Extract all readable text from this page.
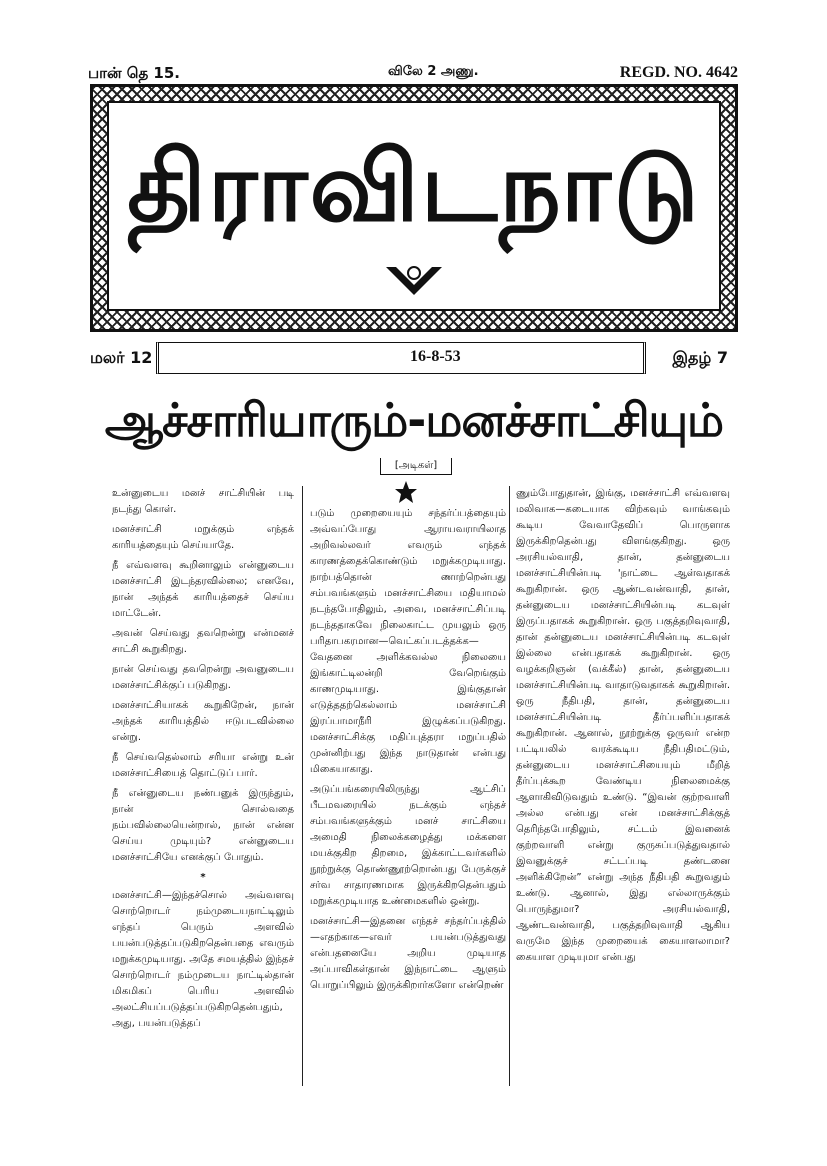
பான் தெ 15.	விலே 2 அணு.	REGD. NO. 4642
திராவிடநாடு
மலர் 12	16-8-53	இதழ் 7
ஆச்சாரியாரும்-மனச்சாட்சியும்
[அடிகள்]

உன்னுடைய மனச் சாட்சியின் படி நடந்து கொள்.

மனச்சாட்சி மறுக்கும் எந்தக் காரியத்தையும் செய்யாதே.

நீ எவ்வளவு கூறினாலும் என்னுடைய மனச்சாட்சி இடந்தரவில்லை; எனவே, நான் அந்தக் காரியத்தைச் செய்ய மாட்டேன்.

அவன் செய்வது தவறென்று என்மனச் சாட்சி கூறுகிறது.

நான் செய்வது தவறென்று அவனுடைய மனச்சாட்சிக்குப் படுகிறது.

மனச்சாட்சியாகக் கூறுகிறேன், நான் அந்தக் காரியத்தில் ஈடுபடவில்லை என்று.

நீ செய்வதெல்லாம் சரியா என்று உன் மனச்சாட்சியைத் தொட்டுப் பார்.

நீ என்னுடைய நண்பனுக் இருந்தும், நான் சொல்வதை நம்பவில்லையென்றால், நான் என்ன செய்ய முடியும்? என்னுடைய மனச்சாட்சியே எனக்குப் போதும்.

*

மனச்சாட்சி—இந்தச்சொல் அவ்வளவு சொற்றொடர் நம்முடையநாட்டிலும் எந்தப் பெரும் அளவில் பயன்படுத்தப்படுகிறதென்பதை எவரும் மறுக்கமுடியாது. அதே சமயத்தில் இந்தச் சொற்றொடர் நம்முடைய நாட்டில்தான் மிகமிகப் பெரிய அளவில் அலட்சியப்படுத்தப்படுகிறதென்பதும், அது, பயன்படுத்தப்

படும் முறையையும் சந்தர்ப்பத்தையும் அவ்வப்போது ஆராயவராயிலாத அறிவல்லவர் எவரும் எந்தக் காரணத்தைக்கொண்டும் மறுக்கமுடியாது. நாற்பத்தொன் ணாற்றென்பது சம்பவங்களும் மனச்சாட்சியை மதியாமல் நடந்தபோதிலும், அவை, மனச்சாட்சிப்படி நடந்ததாகவே நிலைகாட்ட முயலும் ஒரு பரிதாபகரமான—வெட்கப்படத்தக்க—வேதனை அளிக்கவல்ல நிலையை இங்காட்டிலன்றி வேறெங்கும் காணமுடியாது. இங்குதான் எடுத்ததற்கெல்லாம் மனச்சாட்சி இரப்பாமாநீரி இழுக்கப்படுகிறது. மனச்சாட்சிக்கு மதிப்புத்தரா மறுப்பதில் முன்னிற்பது இந்த நாடுதான் என்பது மிகையாகாது.

அடுப்பங்கரையிலிருந்து ஆட்சிப் பீடமவரையில் நடக்கும் எந்தச் சம்பவங்களுக்கும் மனச் சாட்சியை அமைதி நிலைக்கழைத்து மக்களை மயக்குகிற திறமை, இக்காட்டவர்களில் நூற்றுக்கு தொண்ணூற்றொன்பது பேருக்குச் சர்வ சாதாரணமாக இருக்கிறதென்பதும் மறுக்கமுடியாத உண்மைகளில் ஒன்று.

மனச்சாட்சி—இதனை எந்தச் சந்தர்ப்பத்தில்—எதற்காக—எவர் பயன்படுத்துவது என்பதனையே அறிய முடியாத அப்பாவிகள்தான் இந்நாட்டை ஆளும் பொறுப்பிலும் இருக்கிறார்களோ என்றெண்

ணும்போதுதான், இங்கு, மனச்சாட்சி எவ்வளவு மலிவாக—கடையாக விற்கவும் வாங்கவும் கூடிய வேவாதேவிப் பொருளாக இருக்கிறதென்பது விளங்குகிறது. ஒரு அரசியல்வாதி, தான், தன்னுடைய மனச்சாட்சியின்படி 'நாட்டை ஆள்வதாகக் கூறுகிறான். ஒரு ஆண்டவன்வாதி, தான், தன்னுடைய மனச்சாட்சியின்படி கடவுள் இருப்பதாகக் கூறுகிறான். ஒரு பகுத்தறிவுவாதி, தான் தன்னுடைய மனச்சாட்சியின்படி கடவுள் இல்லை என்பதாகக் கூறுகிறான். ஒரு வழக்கறிஞன் (வக்கீல்) தான், தன்னுடைய மனச்சாட்சியின்படி வாதாடுவதாகக் கூறுகிறான். ஒரு நீதிபதி, தான், தன்னுடைய மனச்சாட்சியின்படி தீர்ப்பளிப்பதாகக் கூறுகிறான். ஆனால், நூற்றுக்கு ஒருவர் என்ற பட்டியலில் வரக்கூடிய நீதிபதிமட்டும், தன்னுடைய மனச்சாட்சியையும் மீறித் தீர்ப்புக்கூற வேண்டிய நிலைமைக்கு ஆளாகிவிடுவதும் உண்டு. “இவன் குற்றவாளி அல்ல என்பது என் மனச்சாட்சிக்குத் தெரிந்தபோதிலும், சட்டம் இவனைக் குற்றவாளி என்று குருசுப்படுத்துவதால் இவனுக்குச் சட்டப்படி தண்டனை அளிக்கிறேன்” என்று அந்த நீதிபதி கூறுவதும் உண்டு. ஆனால், இது எல்லாருக்கும் பொருந்துமா? அரசியல்வாதி, ஆண்டவன்வாதி, பகுத்தறிவுவாதி ஆகிய வருமே இந்த முறையைக் கையாளலாமா? கையாள முடியுமா என்பது
